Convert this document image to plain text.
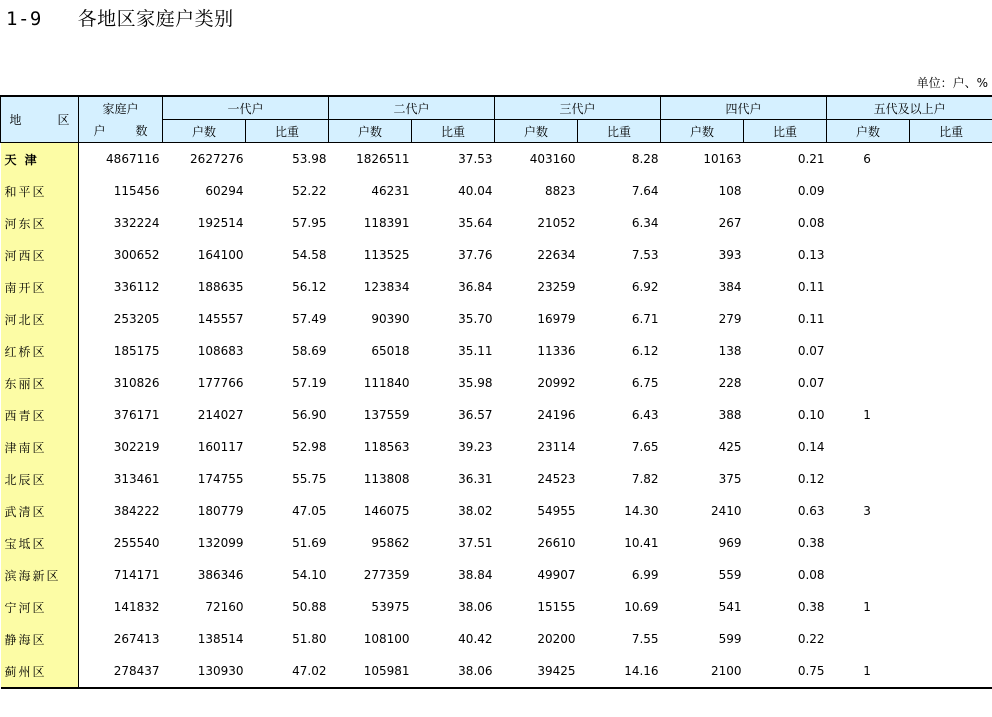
1-9   各地区家庭户类别
单位：户、%
地 区	家庭户	一代户		二代户		三代户		四代户		五代及以上户	
	户 数	户数	比重	户数	比重	户数	比重	户数	比重	户数	比重
天 津	4867116	2627276	53.98	1826511	37.53	403160	8.28	10163	0.21	6	
和平区	115456	60294	52.22	46231	40.04	8823	7.64	108	0.09		
河东区	332224	192514	57.95	118391	35.64	21052	6.34	267	0.08		
河西区	300652	164100	54.58	113525	37.76	22634	7.53	393	0.13		
南开区	336112	188635	56.12	123834	36.84	23259	6.92	384	0.11		
河北区	253205	145557	57.49	90390	35.70	16979	6.71	279	0.11		
红桥区	185175	108683	58.69	65018	35.11	11336	6.12	138	0.07		
东丽区	310826	177766	57.19	111840	35.98	20992	6.75	228	0.07		
西青区	376171	214027	56.90	137559	36.57	24196	6.43	388	0.10	1	
津南区	302219	160117	52.98	118563	39.23	23114	7.65	425	0.14		
北辰区	313461	174755	55.75	113808	36.31	24523	7.82	375	0.12		
武清区	384222	180779	47.05	146075	38.02	54955	14.30	2410	0.63	3	
宝坻区	255540	132099	51.69	95862	37.51	26610	10.41	969	0.38		
滨海新区	714171	386346	54.10	277359	38.84	49907	6.99	559	0.08		
宁河区	141832	72160	50.88	53975	38.06	15155	10.69	541	0.38	1	
静海区	267413	138514	51.80	108100	40.42	20200	7.55	599	0.22		
蓟州区	278437	130930	47.02	105981	38.06	39425	14.16	2100	0.75	1	
